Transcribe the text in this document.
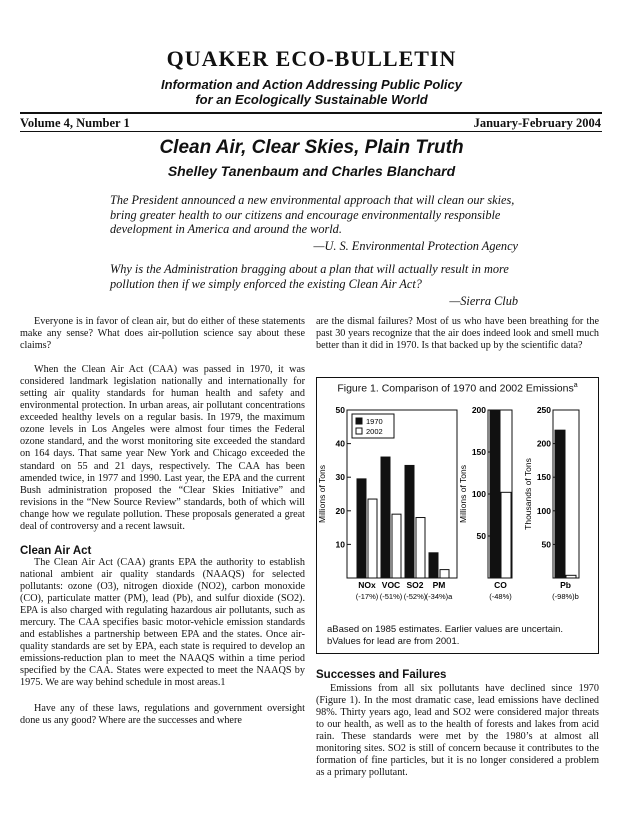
QUAKER ECO-BULLETIN
Information and Action Addressing Public Policy
for an Ecologically Sustainable World
Volume 4, Number 1	January-February 2004
Clean Air, Clear Skies, Plain Truth
Shelley Tanenbaum and Charles Blanchard
The President announced a new environmental approach that will clean our skies, bring greater health to our citizens and encourage environmentally responsible development in America and around the world.
—U. S. Environmental Protection Agency
Why is the Administration bragging about a plan that will actually result in more pollution then if we simply enforced the existing Clean Air Act?
—Sierra Club

Everyone is in favor of clean air, but do either of these statements make any sense? What does air-pollution science say about these claims?

When the Clean Air Act (CAA) was passed in 1970, it was considered landmark legislation nationally and internationally for setting air quality standards for human health and safety and environmental protection. In urban areas, air pollutant concentrations exceeded healthy levels on a regular basis. In 1979, the maximum ozone levels in Los Angeles were almost four times the Federal ozone standard, and the worst monitoring site exceeded the standard on 164 days. That same year New York and Chicago exceeded the standard on 55 and 21 days, respectively. The CAA has been amended twice, in 1977 and 1990. Last year, the EPA and the current Bush administration proposed the “Clear Skies Initiative” and revisions in the “New Source Review” standards, both of which will change how we regulate pollution. These proposals generated a great deal of controversy and a recent lawsuit.

Clean Air Act

The Clean Air Act (CAA) grants EPA the authority to establish national ambient air quality standards (NAAQS) for selected pollutants: ozone (O3), nitrogen dioxide (NO2), carbon monoxide (CO), particulate matter (PM), lead (Pb), and sulfur dioxide (SO2). EPA is also charged with regulating hazardous air pollutants, such as mercury. The CAA specifies basic motor-vehicle emission standards and establishes a partnership between EPA and the states. Once air-quality standards are set by EPA, each state is required to develop an emissions-reduction plan to meet the NAAQS within a time period specified by the CAA. States were expected to meet the NAAQS by 1975. We are way behind schedule in most areas.1

Have any of these laws, regulations and government oversight done us any good? Where are the successes and where

are the dismal failures? Most of us who have been breathing for the past 30 years recognize that the air does indeed look and smell much better than it did in 1970. Is that backed up by the scientific data?

Figure 1. Comparison of 1970 and 2002 Emissions$^a$
10
20
30
40
50
Millions of Tons
NOx
(-17%)
VOC
(-51%)
SO2
(-52%)
PM
(-34%)a
1970
2002
50
100
150
200
Millions of Tons
CO
(-48%)
50
100
150
200
250
Thousands of Tons
Pb
(-98%)b
aBased on 1985 estimates. Earlier values are uncertain.
bValues for lead are from 2001.
Successes and Failures

Emissions from all six pollutants have declined since 1970 (Figure 1). In the most dramatic case, lead emissions have declined 98%. Thirty years ago, lead and SO2 were considered major threats to our health, as well as to the health of forests and lakes from acid rain. These standards were met by the 1980’s at almost all monitoring sites. SO2 is still of concern because it contributes to the formation of fine particles, but it is no longer considered a problem as a primary pollutant.
